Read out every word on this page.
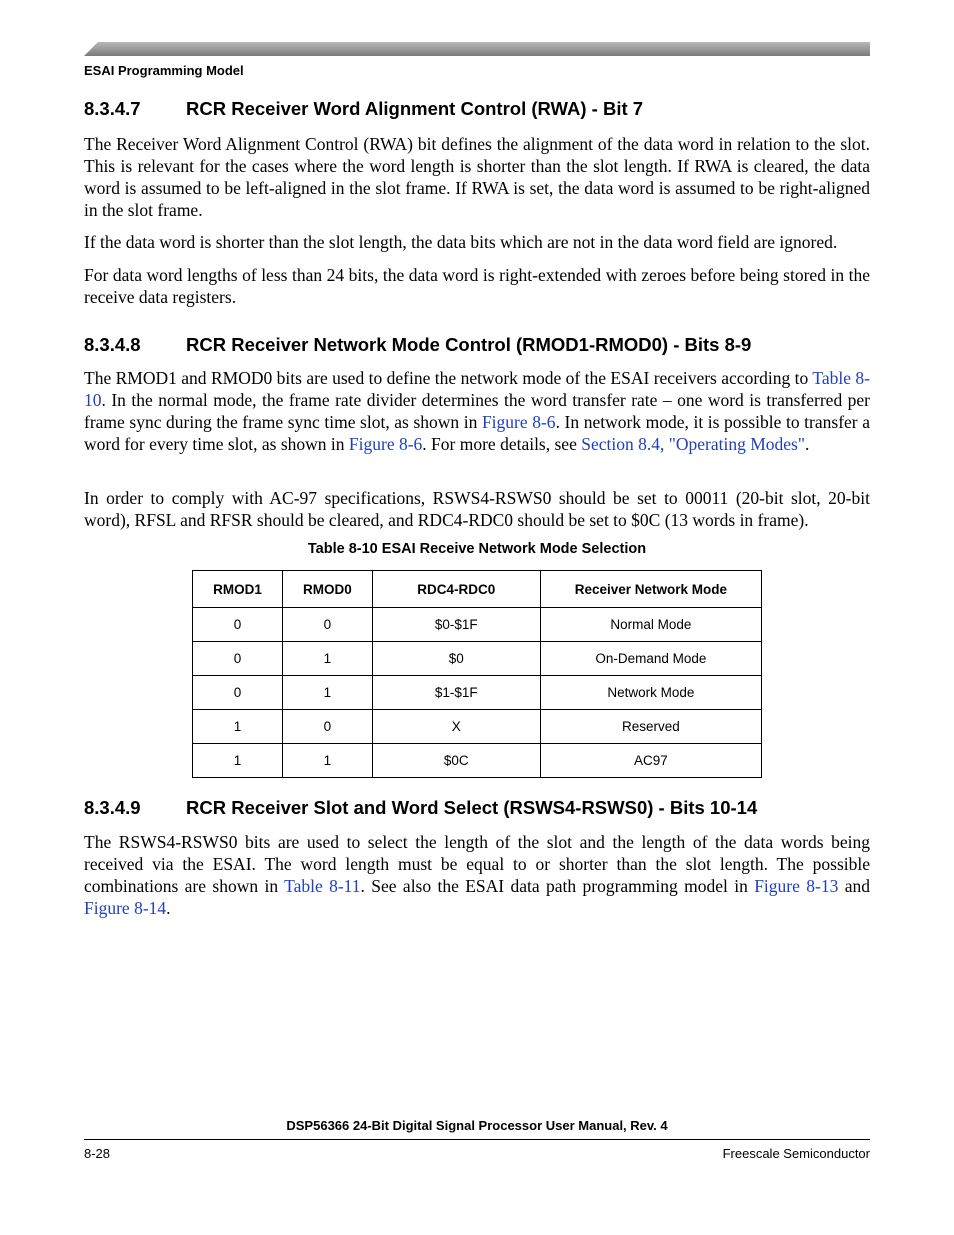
ESAI Programming Model
8.3.4.7 RCR Receiver Word Alignment Control (RWA) - Bit 7

The Receiver Word Alignment Control (RWA) bit defines the alignment of the data word in relation to the slot. This is relevant for the cases where the word length is shorter than the slot length. If RWA is cleared, the data word is assumed to be left-aligned in the slot frame. If RWA is set, the data word is assumed to be right-aligned in the slot frame.

If the data word is shorter than the slot length, the data bits which are not in the data word field are ignored.

For data word lengths of less than 24 bits, the data word is right-extended with zeroes before being stored in the receive data registers.

8.3.4.8 RCR Receiver Network Mode Control (RMOD1-RMOD0) - Bits 8-9

The RMOD1 and RMOD0 bits are used to define the network mode of the ESAI receivers according to Table 8-10. In the normal mode, the frame rate divider determines the word transfer rate – one word is transferred per frame sync during the frame sync time slot, as shown in Figure 8-6. In network mode, it is possible to transfer a word for every time slot, as shown in Figure 8-6. For more details, see Section 8.4, "Operating Modes".

In order to comply with AC-97 specifications, RSWS4-RSWS0 should be set to 00011 (20-bit slot, 20-bit word), RFSL and RFSR should be cleared, and RDC4-RDC0 should be set to $0C (13 words in frame).

Table 8-10 ESAI Receive Network Mode Selection
RMOD1	RMOD0	RDC4-RDC0	Receiver Network Mode
0	0	$0-$1F	Normal Mode
0	1	$0	On-Demand Mode
0	1	$1-$1F	Network Mode
1	0	X	Reserved
1	1	$0C	AC97
8.3.4.9 RCR Receiver Slot and Word Select (RSWS4-RSWS0) - Bits 10-14

The RSWS4-RSWS0 bits are used to select the length of the slot and the length of the data words being received via the ESAI. The word length must be equal to or shorter than the slot length. The possible combinations are shown in Table 8-11. See also the ESAI data path programming model in Figure 8-13 and Figure 8-14.

DSP56366 24-Bit Digital Signal Processor User Manual, Rev. 4
8-28	Freescale Semiconductor
